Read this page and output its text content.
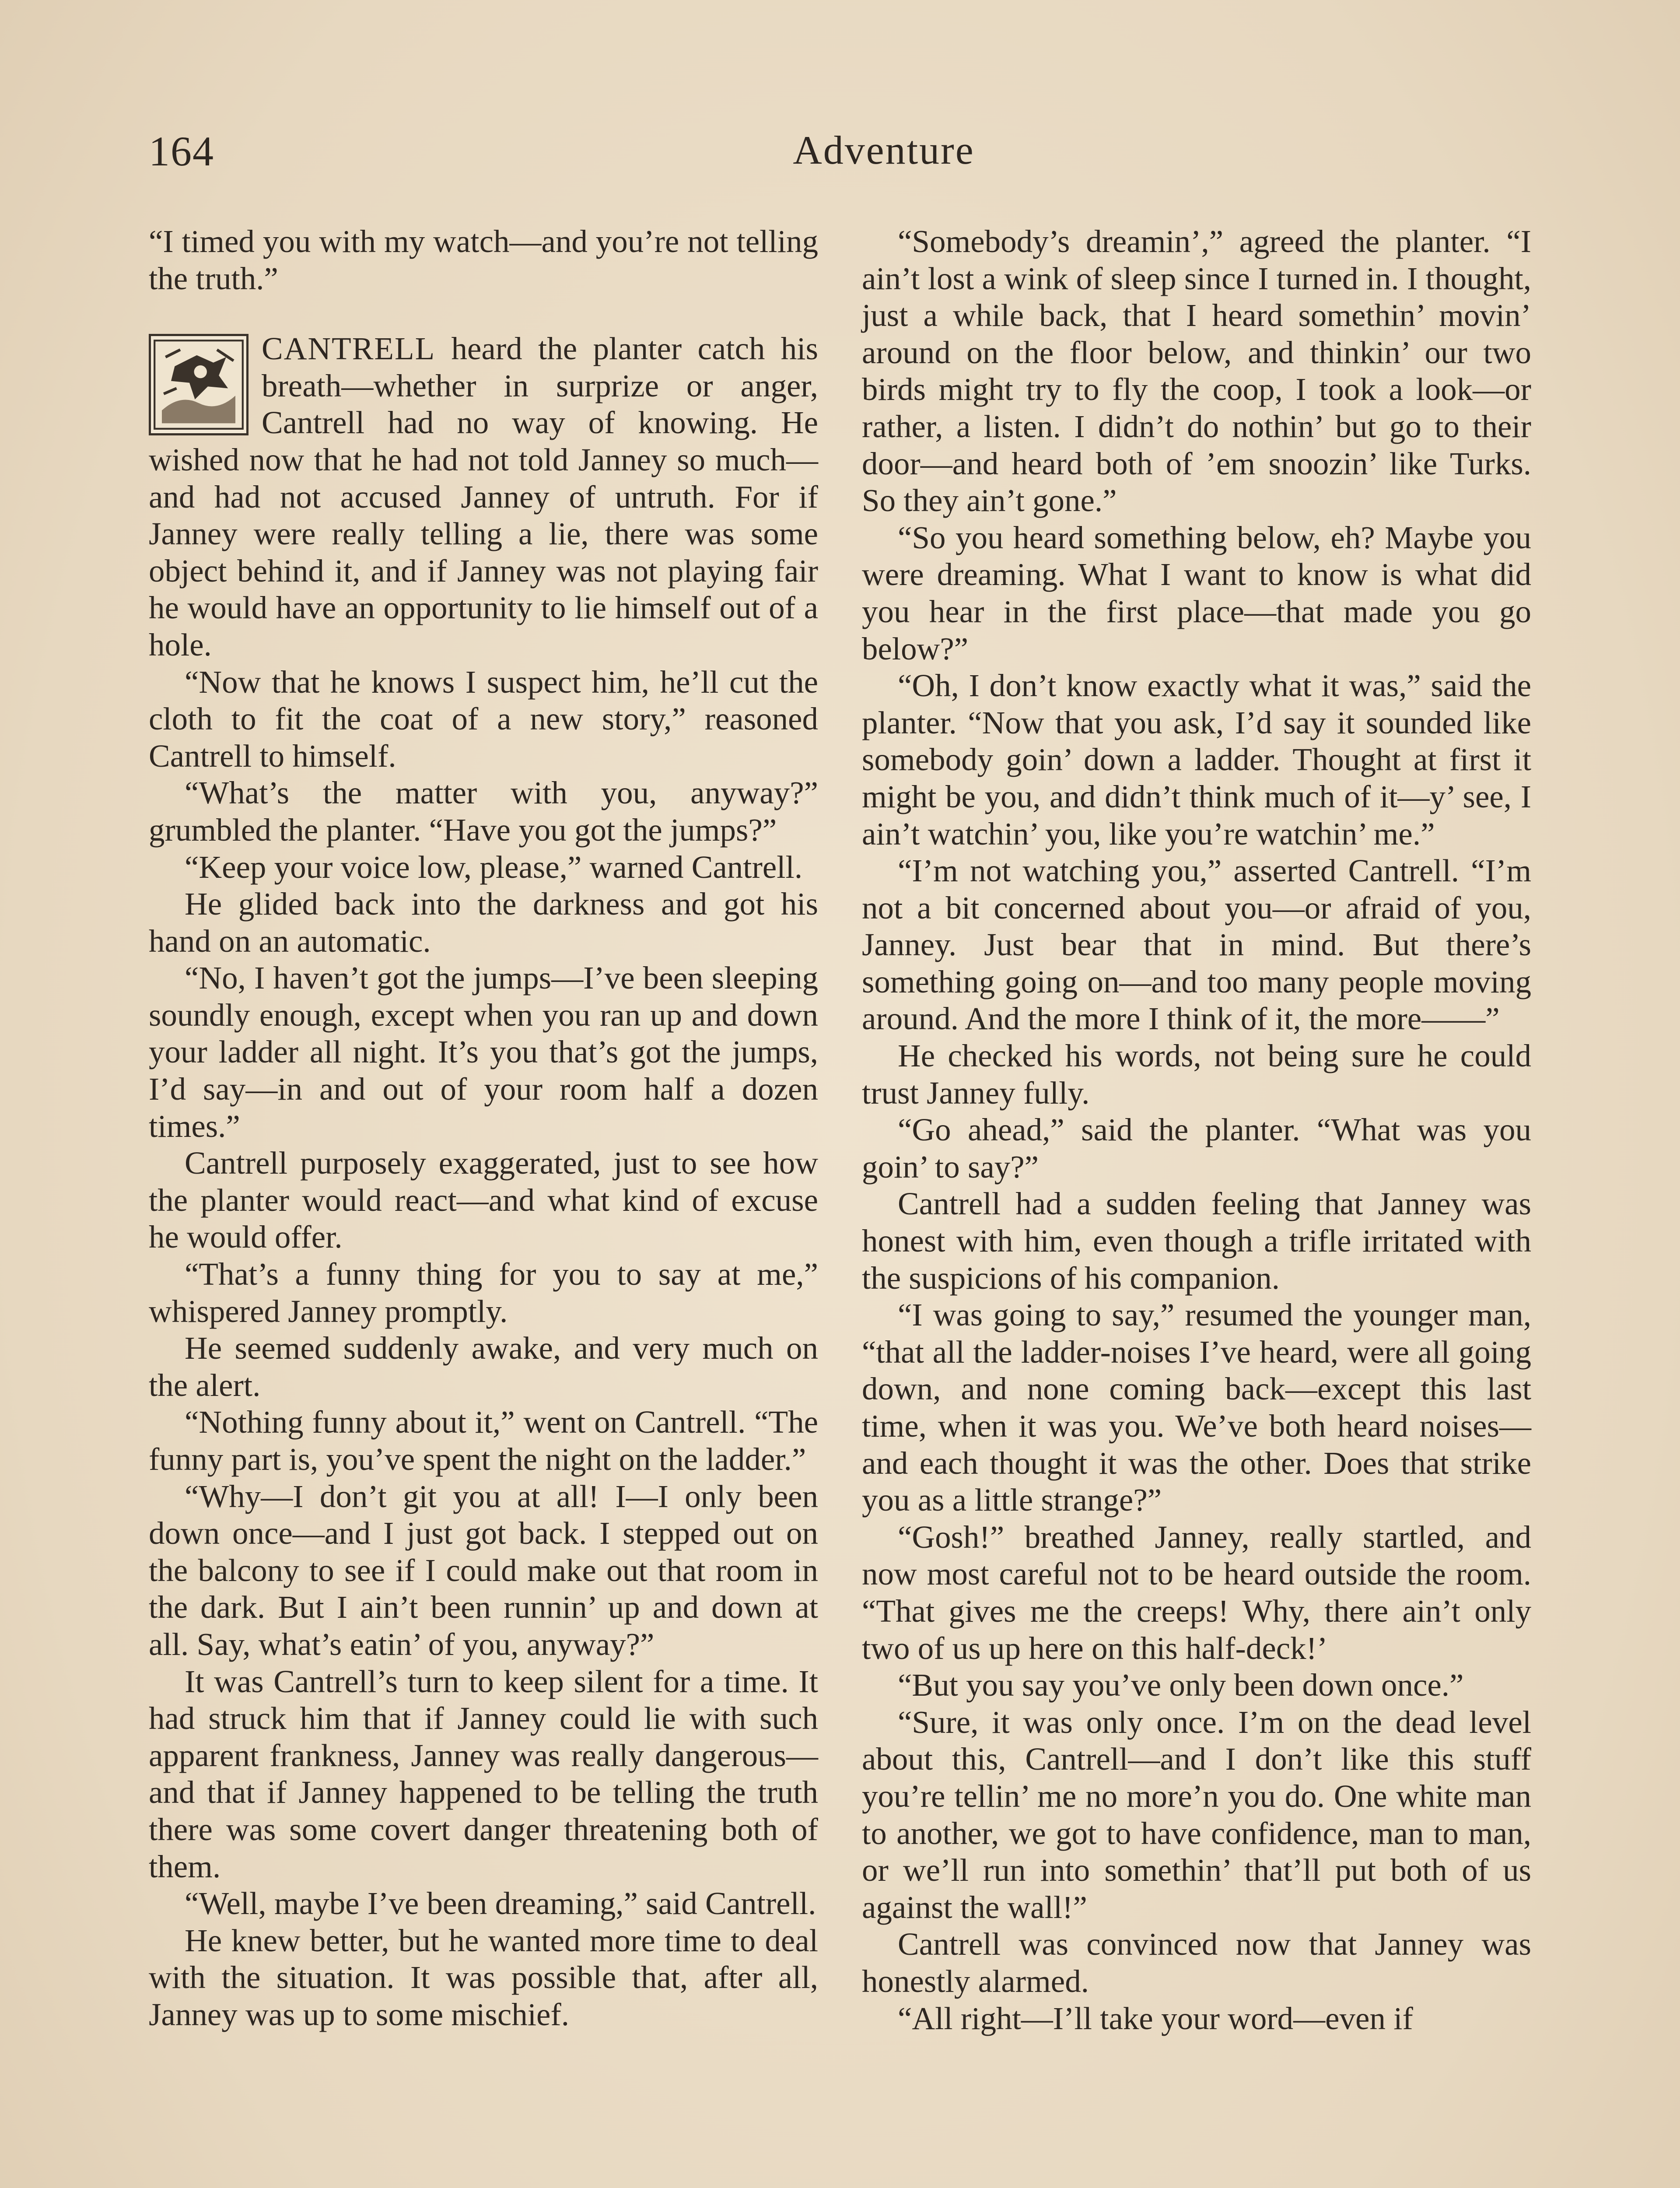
164	Adventure

“I timed you with my watch—and you’re not telling the truth.”

CANTRELL heard the planter catch his breath—whether in surprize or anger, Cantrell had no way of knowing. He wished now that he had not told Janney so much—and had not accused Janney of untruth. For if Janney were really telling a lie, there was some object behind it, and if Janney was not playing fair he would have an opportunity to lie himself out of a hole.

“Now that he knows I suspect him, he’ll cut the cloth to fit the coat of a new story,” reasoned Cantrell to himself.

“What’s the matter with you, anyway?” grumbled the planter. “Have you got the jumps?”

“Keep your voice low, please,” warned Cantrell.

He glided back into the darkness and got his hand on an automatic.

“No, I haven’t got the jumps—I’ve been sleeping soundly enough, except when you ran up and down your ladder all night. It’s you that’s got the jumps, I’d say—in and out of your room half a dozen times.”

Cantrell purposely exaggerated, just to see how the planter would react—and what kind of excuse he would offer.

“That’s a funny thing for you to say at me,” whispered Janney promptly.

He seemed suddenly awake, and very much on the alert.

“Nothing funny about it,” went on Cantrell. “The funny part is, you’ve spent the night on the ladder.”

“Why—I don’t git you at all! I—I only been down once—and I just got back. I stepped out on the balcony to see if I could make out that room in the dark. But I ain’t been runnin’ up and down at all. Say, what’s eatin’ of you, anyway?”

It was Cantrell’s turn to keep silent for a time. It had struck him that if Janney could lie with such apparent frankness, Janney was really dangerous—and that if Janney happened to be telling the truth there was some covert danger threatening both of them.

“Well, maybe I’ve been dreaming,” said Cantrell.

He knew better, but he wanted more time to deal with the situation. It was possible that, after all, Janney was up to some mischief.

“Somebody’s dreamin’,” agreed the planter. “I ain’t lost a wink of sleep since I turned in. I thought, just a while back, that I heard somethin’ movin’ around on the floor below, and thinkin’ our two birds might try to fly the coop, I took a look—or rather, a listen. I didn’t do nothin’ but go to their door—and heard both of ’em snoozin’ like Turks. So they ain’t gone.”

“So you heard something below, eh? Maybe you were dreaming. What I want to know is what did you hear in the first place—that made you go below?”

“Oh, I don’t know exactly what it was,” said the planter. “Now that you ask, I’d say it sounded like somebody goin’ down a ladder. Thought at first it might be you, and didn’t think much of it—y’ see, I ain’t watchin’ you, like you’re watchin’ me.”

“I’m not watching you,” asserted Cantrell. “I’m not a bit concerned about you—or afraid of you, Janney. Just bear that in mind. But there’s something going on—and too many people moving around. And the more I think of it, the more——”

He checked his words, not being sure he could trust Janney fully.

“Go ahead,” said the planter. “What was you goin’ to say?”

Cantrell had a sudden feeling that Janney was honest with him, even though a trifle irritated with the suspicions of his companion.

“I was going to say,” resumed the younger man, “that all the ladder-noises I’ve heard, were all going down, and none coming back—except this last time, when it was you. We’ve both heard noises—and each thought it was the other. Does that strike you as a little strange?”

“Gosh!” breathed Janney, really startled, and now most careful not to be heard outside the room. “That gives me the creeps! Why, there ain’t only two of us up here on this half-deck!’

“But you say you’ve only been down once.”

“Sure, it was only once. I’m on the dead level about this, Cantrell—and I don’t like this stuff you’re tellin’ me no more’n you do. One white man to another, we got to have confidence, man to man, or we’ll run into somethin’ that’ll put both of us against the wall!”

Cantrell was convinced now that Janney was honestly alarmed.

“All right—I’ll take your word—even if
